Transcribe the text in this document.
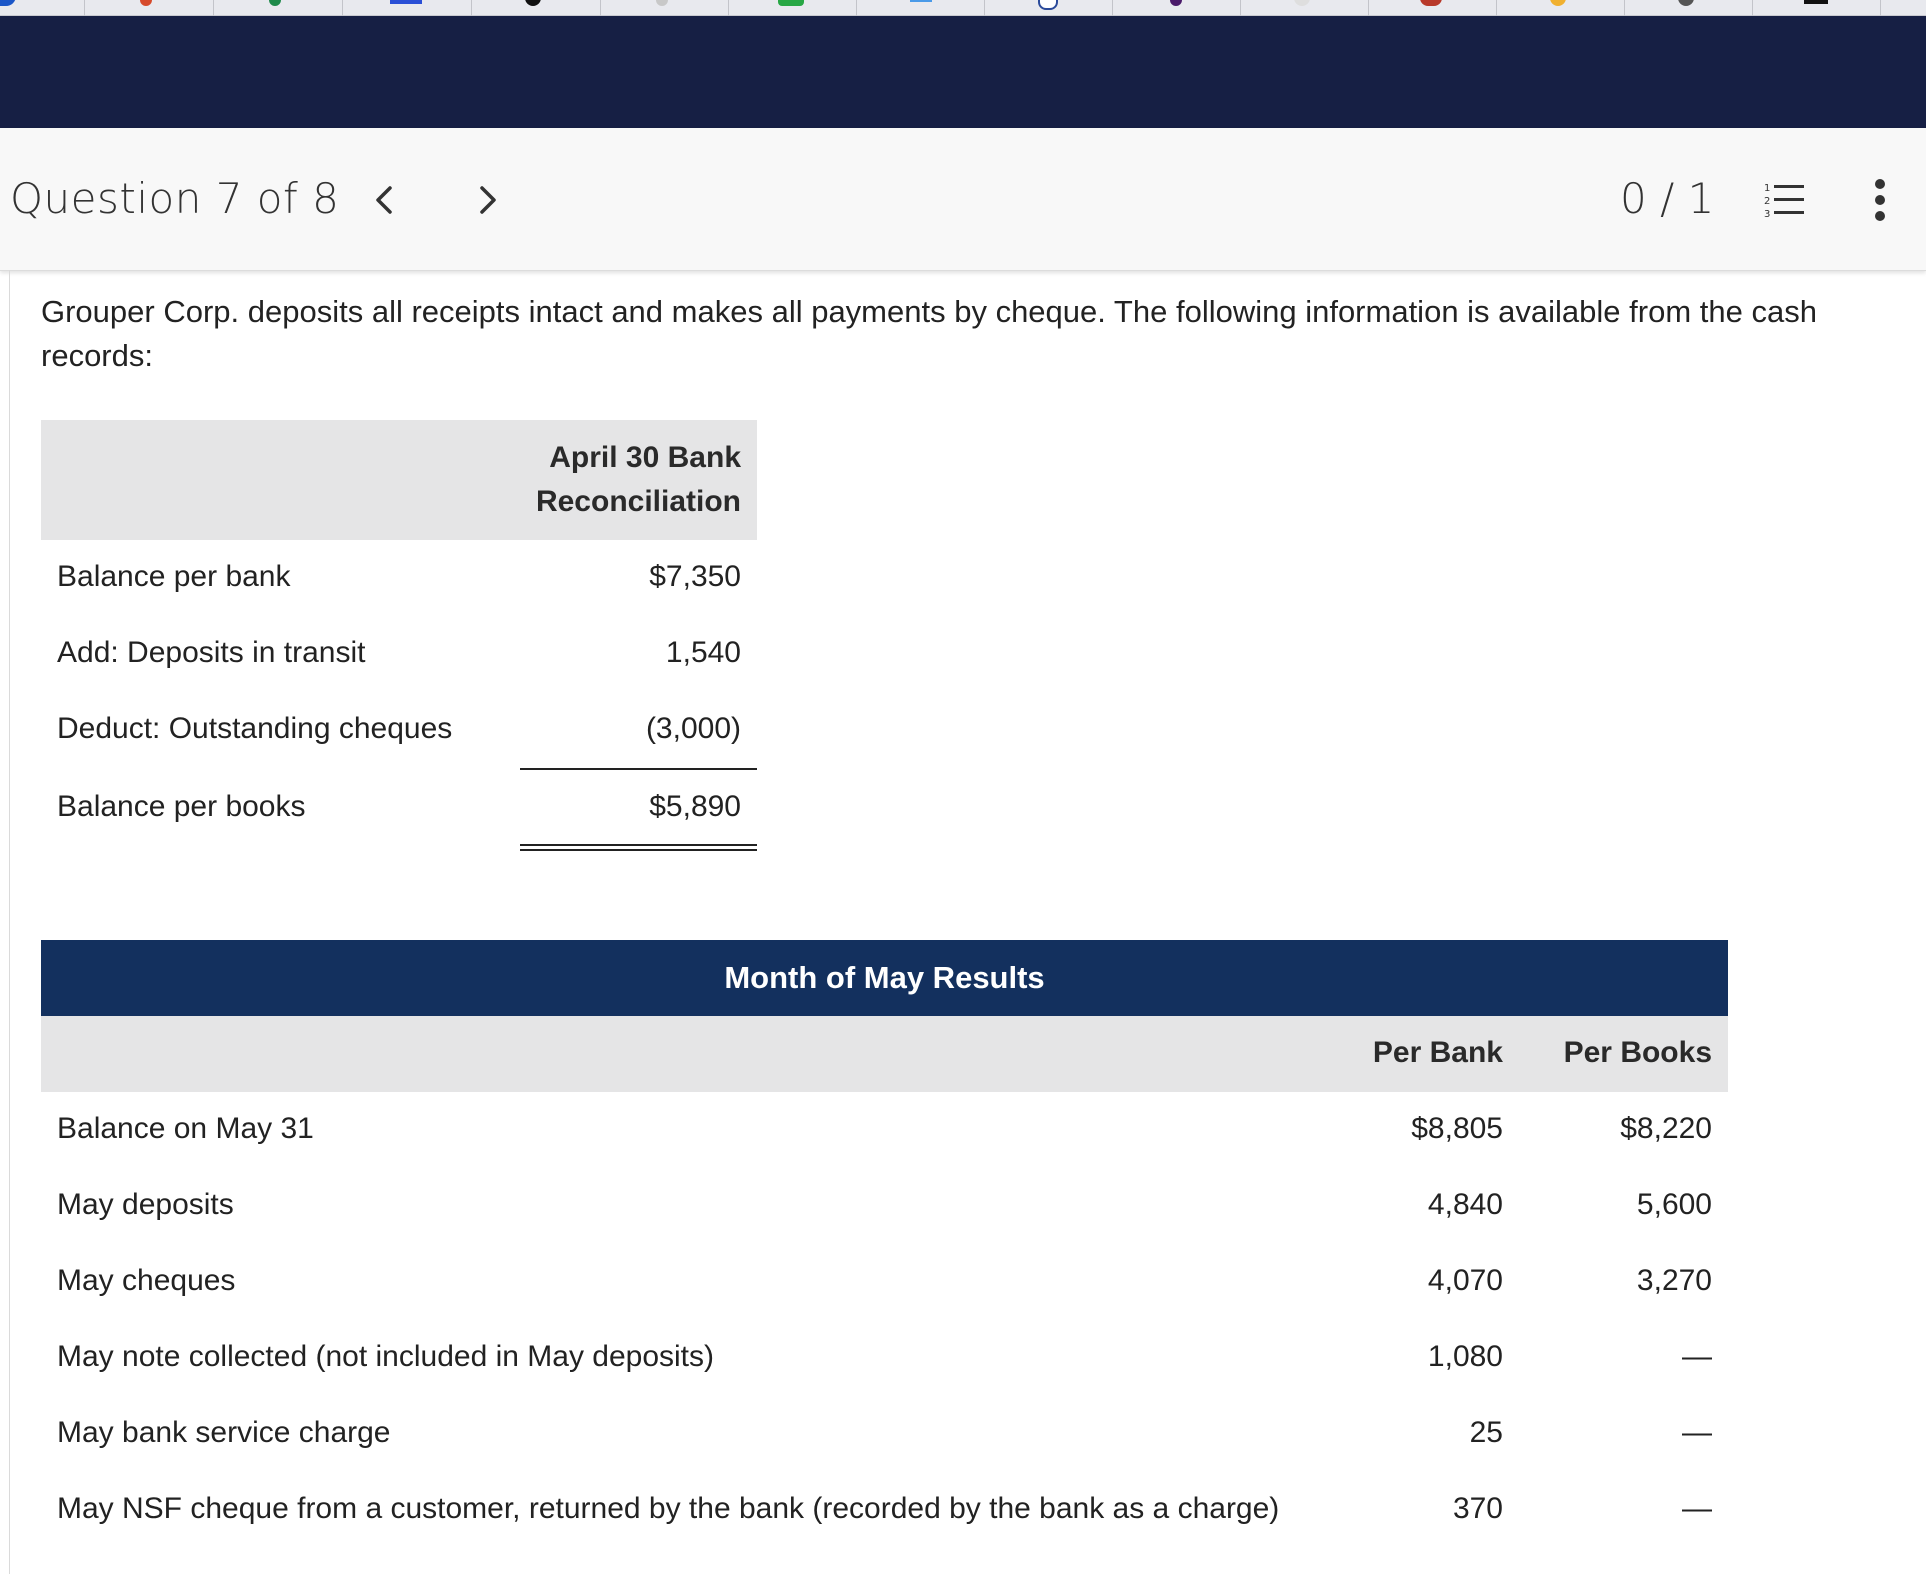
Question 7 of 8	0 / 1	1
2
3
Grouper Corp. deposits all receipts intact and makes all payments by cheque. The following information is available from the cash records:
April 30 Bank
Reconciliation
Balance per bank	$7,350
Add: Deposits in transit	1,540
Deduct: Outstanding cheques	(3,000)
Balance per books	$5,890
Month of May Results
Per Bank Per Books
Balance on May 31	$8,805	$8,220
May deposits	4,840	5,600
May cheques	4,070	3,270
May note collected (not included in May deposits)	1,080	—
May bank service charge	25	—
May NSF cheque from a customer, returned by the bank (recorded by the bank as a charge)	370	—
